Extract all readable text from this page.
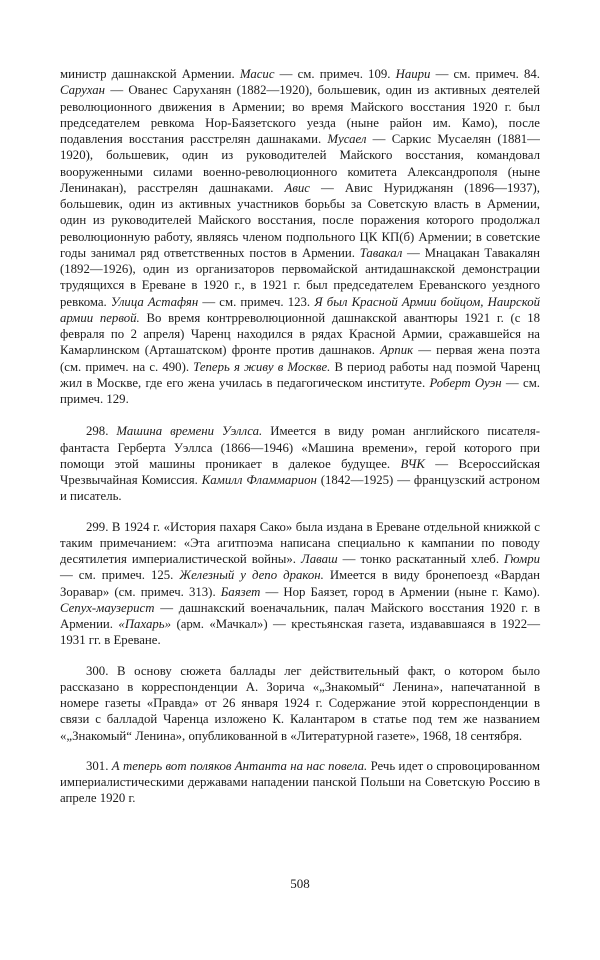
министр дашнакской Армении. Масис — см. примеч. 109. Наири — см. примеч. 84. Сарухан — Ованес Саруханян (1882—1920), большевик, один из активных деятелей революционного движения в Армении; во время Майского восстания 1920 г. был председателем ревкома Нор-Баязетского уезда (ныне район им. Камо), после подавления восстания расстрелян дашнаками. Мусаел — Саркис Мусаелян (1881—1920), большевик, один из руководителей Майского восстания, командовал вооруженными силами военно-революционного комитета Александрополя (ныне Ленинакан), расстрелян дашнаками. Авис — Авис Нуриджанян (1896—1937), большевик, один из активных участников борьбы за Советскую власть в Армении, один из руководителей Майского восстания, после поражения которого продолжал революционную работу, являясь членом подпольного ЦК КП(б) Армении; в советские годы занимал ряд ответственных постов в Армении. Тавакал — Мнацакан Тавакалян (1892—1926), один из организаторов первомайской антидашнакской демонстрации трудящихся в Ереване в 1920 г., в 1921 г. был председателем Ереванского уездного ревкома. Улица Астафян — см. примеч. 123. Я был Красной Армии бойцом, Наирской армии первой. Во время контрреволюционной дашнакской авантюры 1921 г. (с 18 февраля по 2 апреля) Чаренц находился в рядах Красной Армии, сражавшейся на Камарлинском (Арташатском) фронте против дашнаков. Арпик — первая жена поэта (см. примеч. на с. 490). Теперь я живу в Москве. В период работы над поэмой Чаренц жил в Москве, где его жена училась в педагогическом институте. Роберт Оуэн — см. примеч. 129.

298. Машина времени Уэллса. Имеется в виду роман английского писателя-фантаста Герберта Уэллса (1866—1946) «Машина времени», герой которого при помощи этой машины проникает в далекое будущее. ВЧК — Всероссийская Чрезвычайная Комиссия. Камилл Фламмарион (1842—1925) — французский астроном и писатель.

299. В 1924 г. «История пахаря Сако» была издана в Ереване отдельной книжкой с таким примечанием: «Эта агитпоэма написана специально к кампании по поводу десятилетия империалистической войны». Лаваш — тонко раскатанный хлеб. Гюмри — см. примеч. 125. Железный у депо дракон. Имеется в виду бронепоезд «Вардан Зоравар» (см. примеч. 313). Баязет — Нор Баязет, город в Армении (ныне г. Камо). Сепух-маузерист — дашнакский военачальник, палач Майского восстания 1920 г. в Армении. «Пахарь» (арм. «Мачкал») — крестьянская газета, издававшаяся в 1922—1931 гг. в Ереване.

300. В основу сюжета баллады лег действительный факт, о котором было рассказано в корреспонденции А. Зорича «„Знакомый“ Ленина», напечатанной в номере газеты «Правда» от 26 января 1924 г. Содержание этой корреспонденции в связи с балладой Чаренца изложено К. Калантаром в статье под тем же названием «„Знакомый“ Ленина», опубликованной в «Литературной газете», 1968, 18 сентября.

301. А теперь вот поляков Антанта на нас повела. Речь идет о спровоцированном империалистическими державами нападении панской Польши на Советскую Россию в апреле 1920 г.

508
